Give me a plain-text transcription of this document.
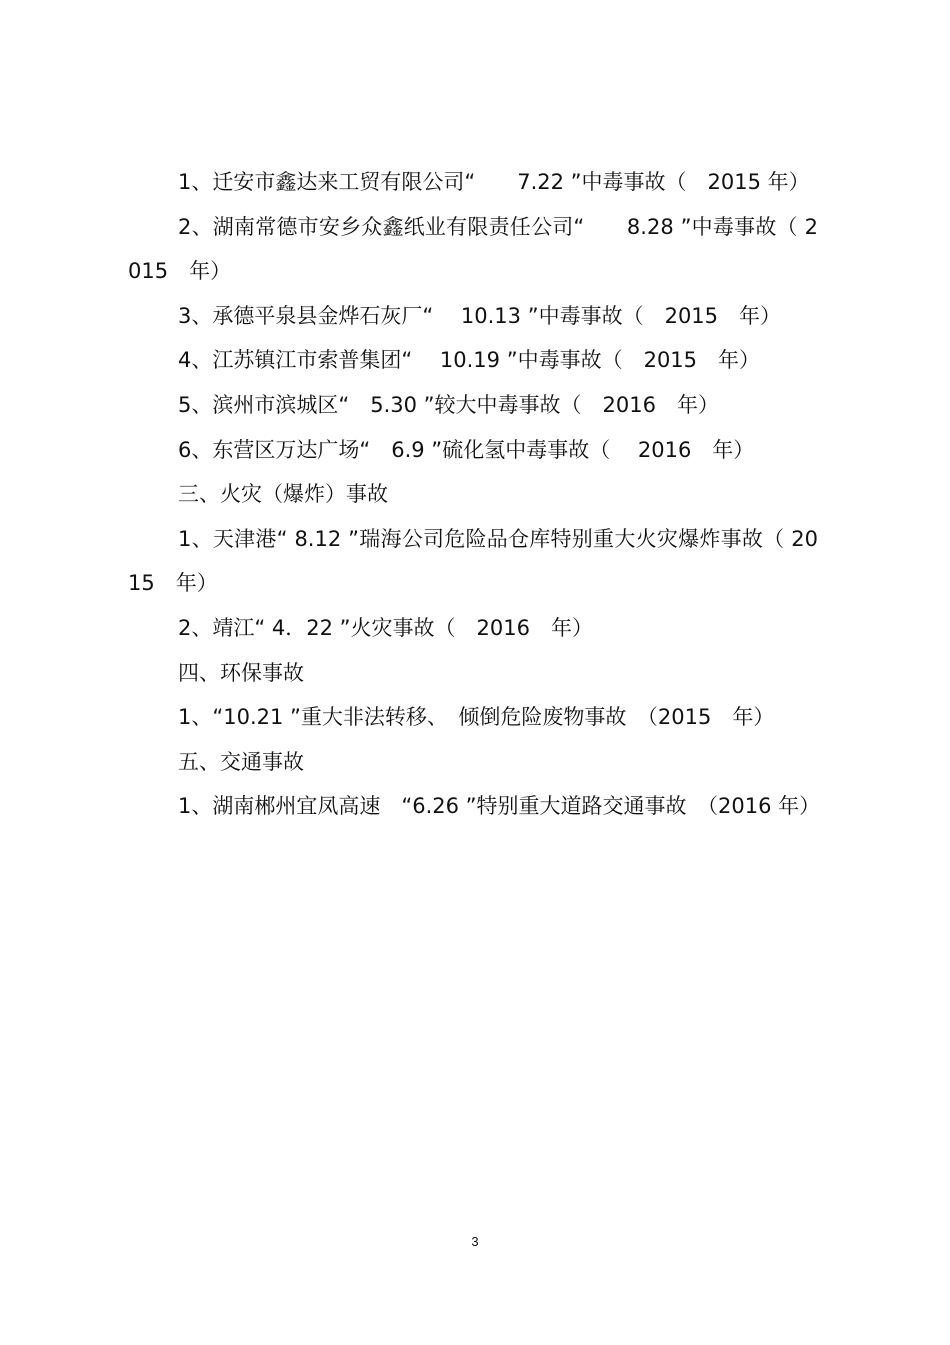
1、迁安市鑫达来工贸有限公司“　　7.22 ”中毒事故（　2015 年）

2、湖南常德市安乡众鑫纸业有限责任公司“　　8.28 ”中毒事故（ 2015　年）

3、承德平泉县金烨石灰厂“　 10.13 ”中毒事故（　2015　年）

4、江苏镇江市索普集团“　 10.19 ”中毒事故（　2015　年）

5、滨州市滨城区“　5.30 ”较大中毒事故（　2016　年）

6、东营区万达广场“　6.9 ”硫化氢中毒事故（　 2016　年）

三、火灾（爆炸）事故

1、天津港“ 8.12 ”瑞海公司危险品仓库特别重大火灾爆炸事故（ 2015　年）

2、靖江“ 4．22 ”火灾事故（　2016　年）

四、环保事故

1、“10.21 ”重大非法转移、　倾倒危险废物事故　（2015　年）

五、交通事故

1、湖南郴州宜凤高速　“6.26 ”特别重大道路交通事故　（2016 年）

3
